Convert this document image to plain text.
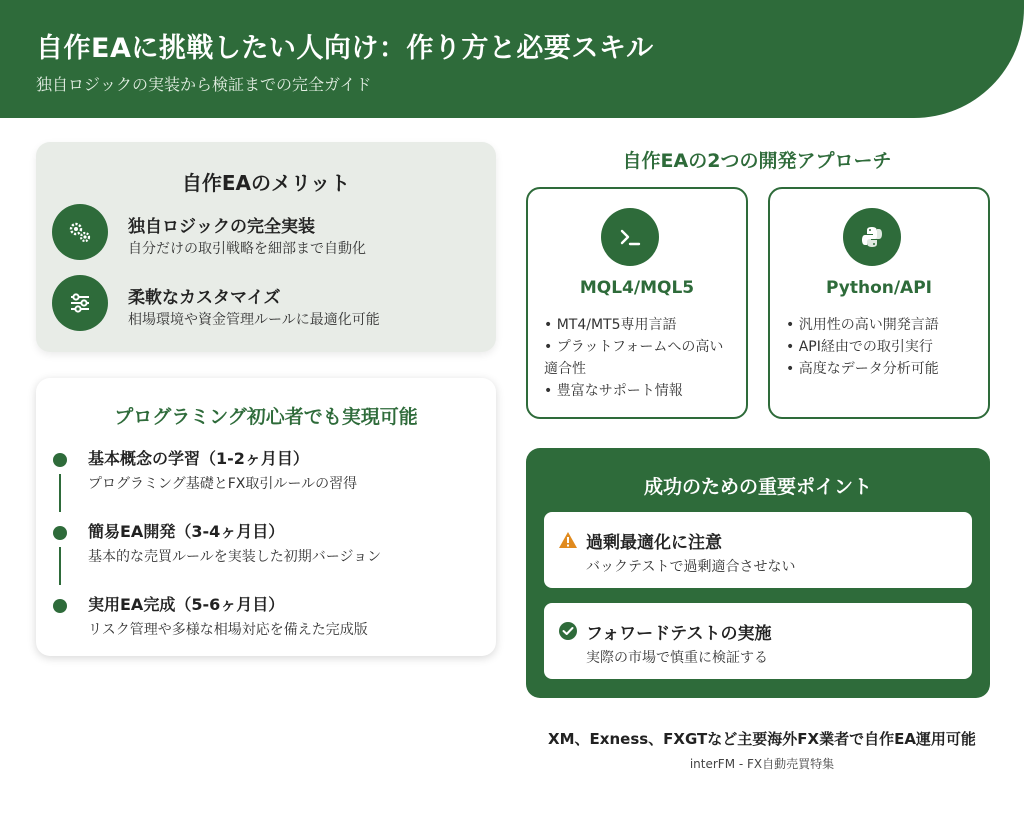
自作EAに挑戦したい人向け：作り方と必要スキル
独自ロジックの実装から検証までの完全ガイド
自作EAのメリット
独自ロジックの完全実装
自分だけの取引戦略を細部まで自動化
柔軟なカスタマイズ
相場環境や資金管理ルールに最適化可能
プログラミング初心者でも実現可能
基本概念の学習（1-2ヶ月目）
プログラミング基礎とFX取引ルールの習得
簡易EA開発（3-4ヶ月目）
基本的な売買ルールを実装した初期バージョン
実用EA完成（5-6ヶ月目）
リスク管理や多様な相場対応を備えた完成版
自作EAの2つの開発アプローチ
MQL4/MQL5
• MT4/MT5専用言語
• プラットフォームへの高い適合性
• 豊富なサポート情報
Python/API
• 汎用性の高い開発言語
• API経由での取引実行
• 高度なデータ分析可能
成功のための重要ポイント
過剰最適化に注意
バックテストで過剰適合させない
フォワードテストの実施
実際の市場で慎重に検証する
XM、Exness、FXGTなど主要海外FX業者で自作EA運用可能
interFM - FX自動売買特集
